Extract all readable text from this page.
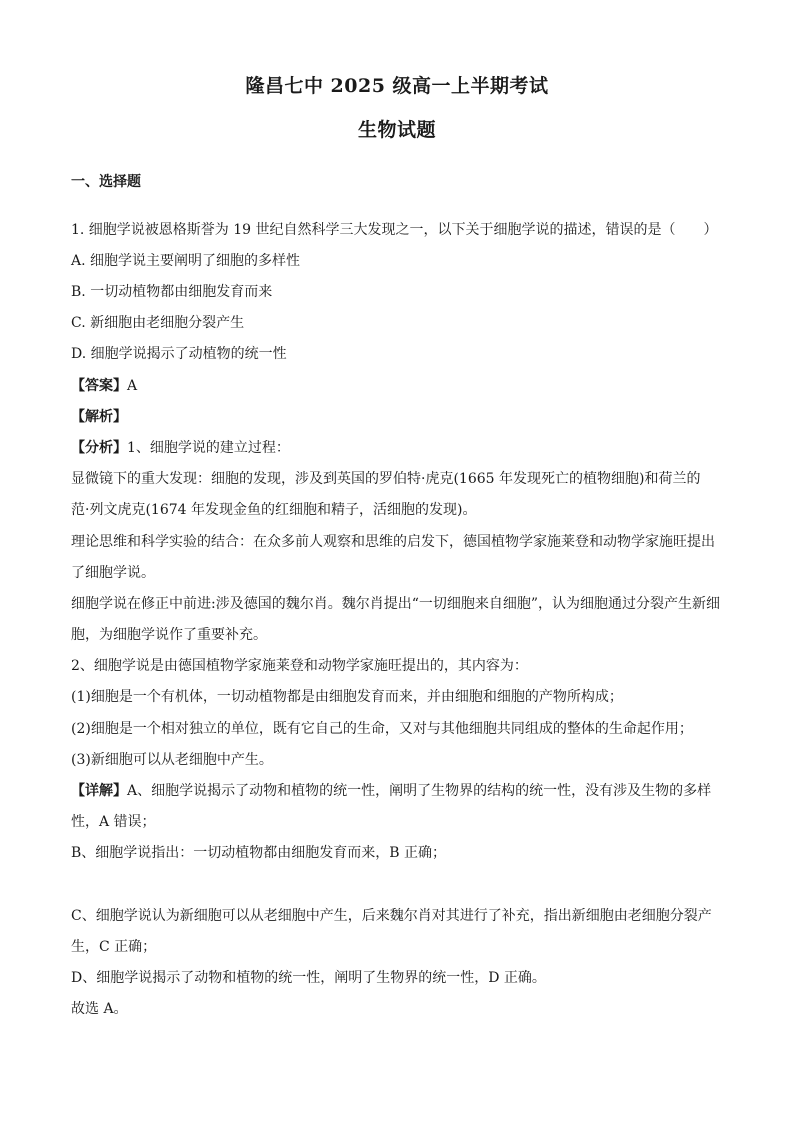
隆昌七中 2025 级高一上半期考试
生物试题
一、选择题
1. 细胞学说被恩格斯誉为 19 世纪自然科学三大发现之一，以下关于细胞学说的描述，错误的是（　　）
A. 细胞学说主要阐明了细胞的多样性
B. 一切动植物都由细胞发育而来
C. 新细胞由老细胞分裂产生
D. 细胞学说揭示了动植物的统一性
【答案】A
【解析】
【分析】1、细胞学说的建立过程：
显微镜下的重大发现：细胞的发现，涉及到英国的罗伯特·虎克(1665 年发现死亡的植物细胞)和荷兰的
范·列文虎克(1674 年发现金鱼的红细胞和精子，活细胞的发现)。
理论思维和科学实验的结合：在众多前人观察和思维的启发下，德国植物学家施莱登和动物学家施旺提出
了细胞学说。
细胞学说在修正中前进:涉及德国的魏尔肖。魏尔肖提出“一切细胞来自细胞”，认为细胞通过分裂产生新细
胞，为细胞学说作了重要补充。
2、细胞学说是由德国植物学家施莱登和动物学家施旺提出的，其内容为：
(1)细胞是一个有机体，一切动植物都是由细胞发育而来，并由细胞和细胞的产物所构成；
(2)细胞是一个相对独立的单位，既有它自己的生命，又对与其他细胞共同组成的整体的生命起作用；
(3)新细胞可以从老细胞中产生。
【详解】A、细胞学说揭示了动物和植物的统一性，阐明了生物界的结构的统一性，没有涉及生物的多样
性，A 错误；
B、细胞学说指出：一切动植物都由细胞发育而来，B 正确；
C、细胞学说认为新细胞可以从老细胞中产生，后来魏尔肖对其进行了补充，指出新细胞由老细胞分裂产
生，C 正确；
D、细胞学说揭示了动物和植物的统一性，阐明了生物界的统一性，D 正确。
故选 A。
